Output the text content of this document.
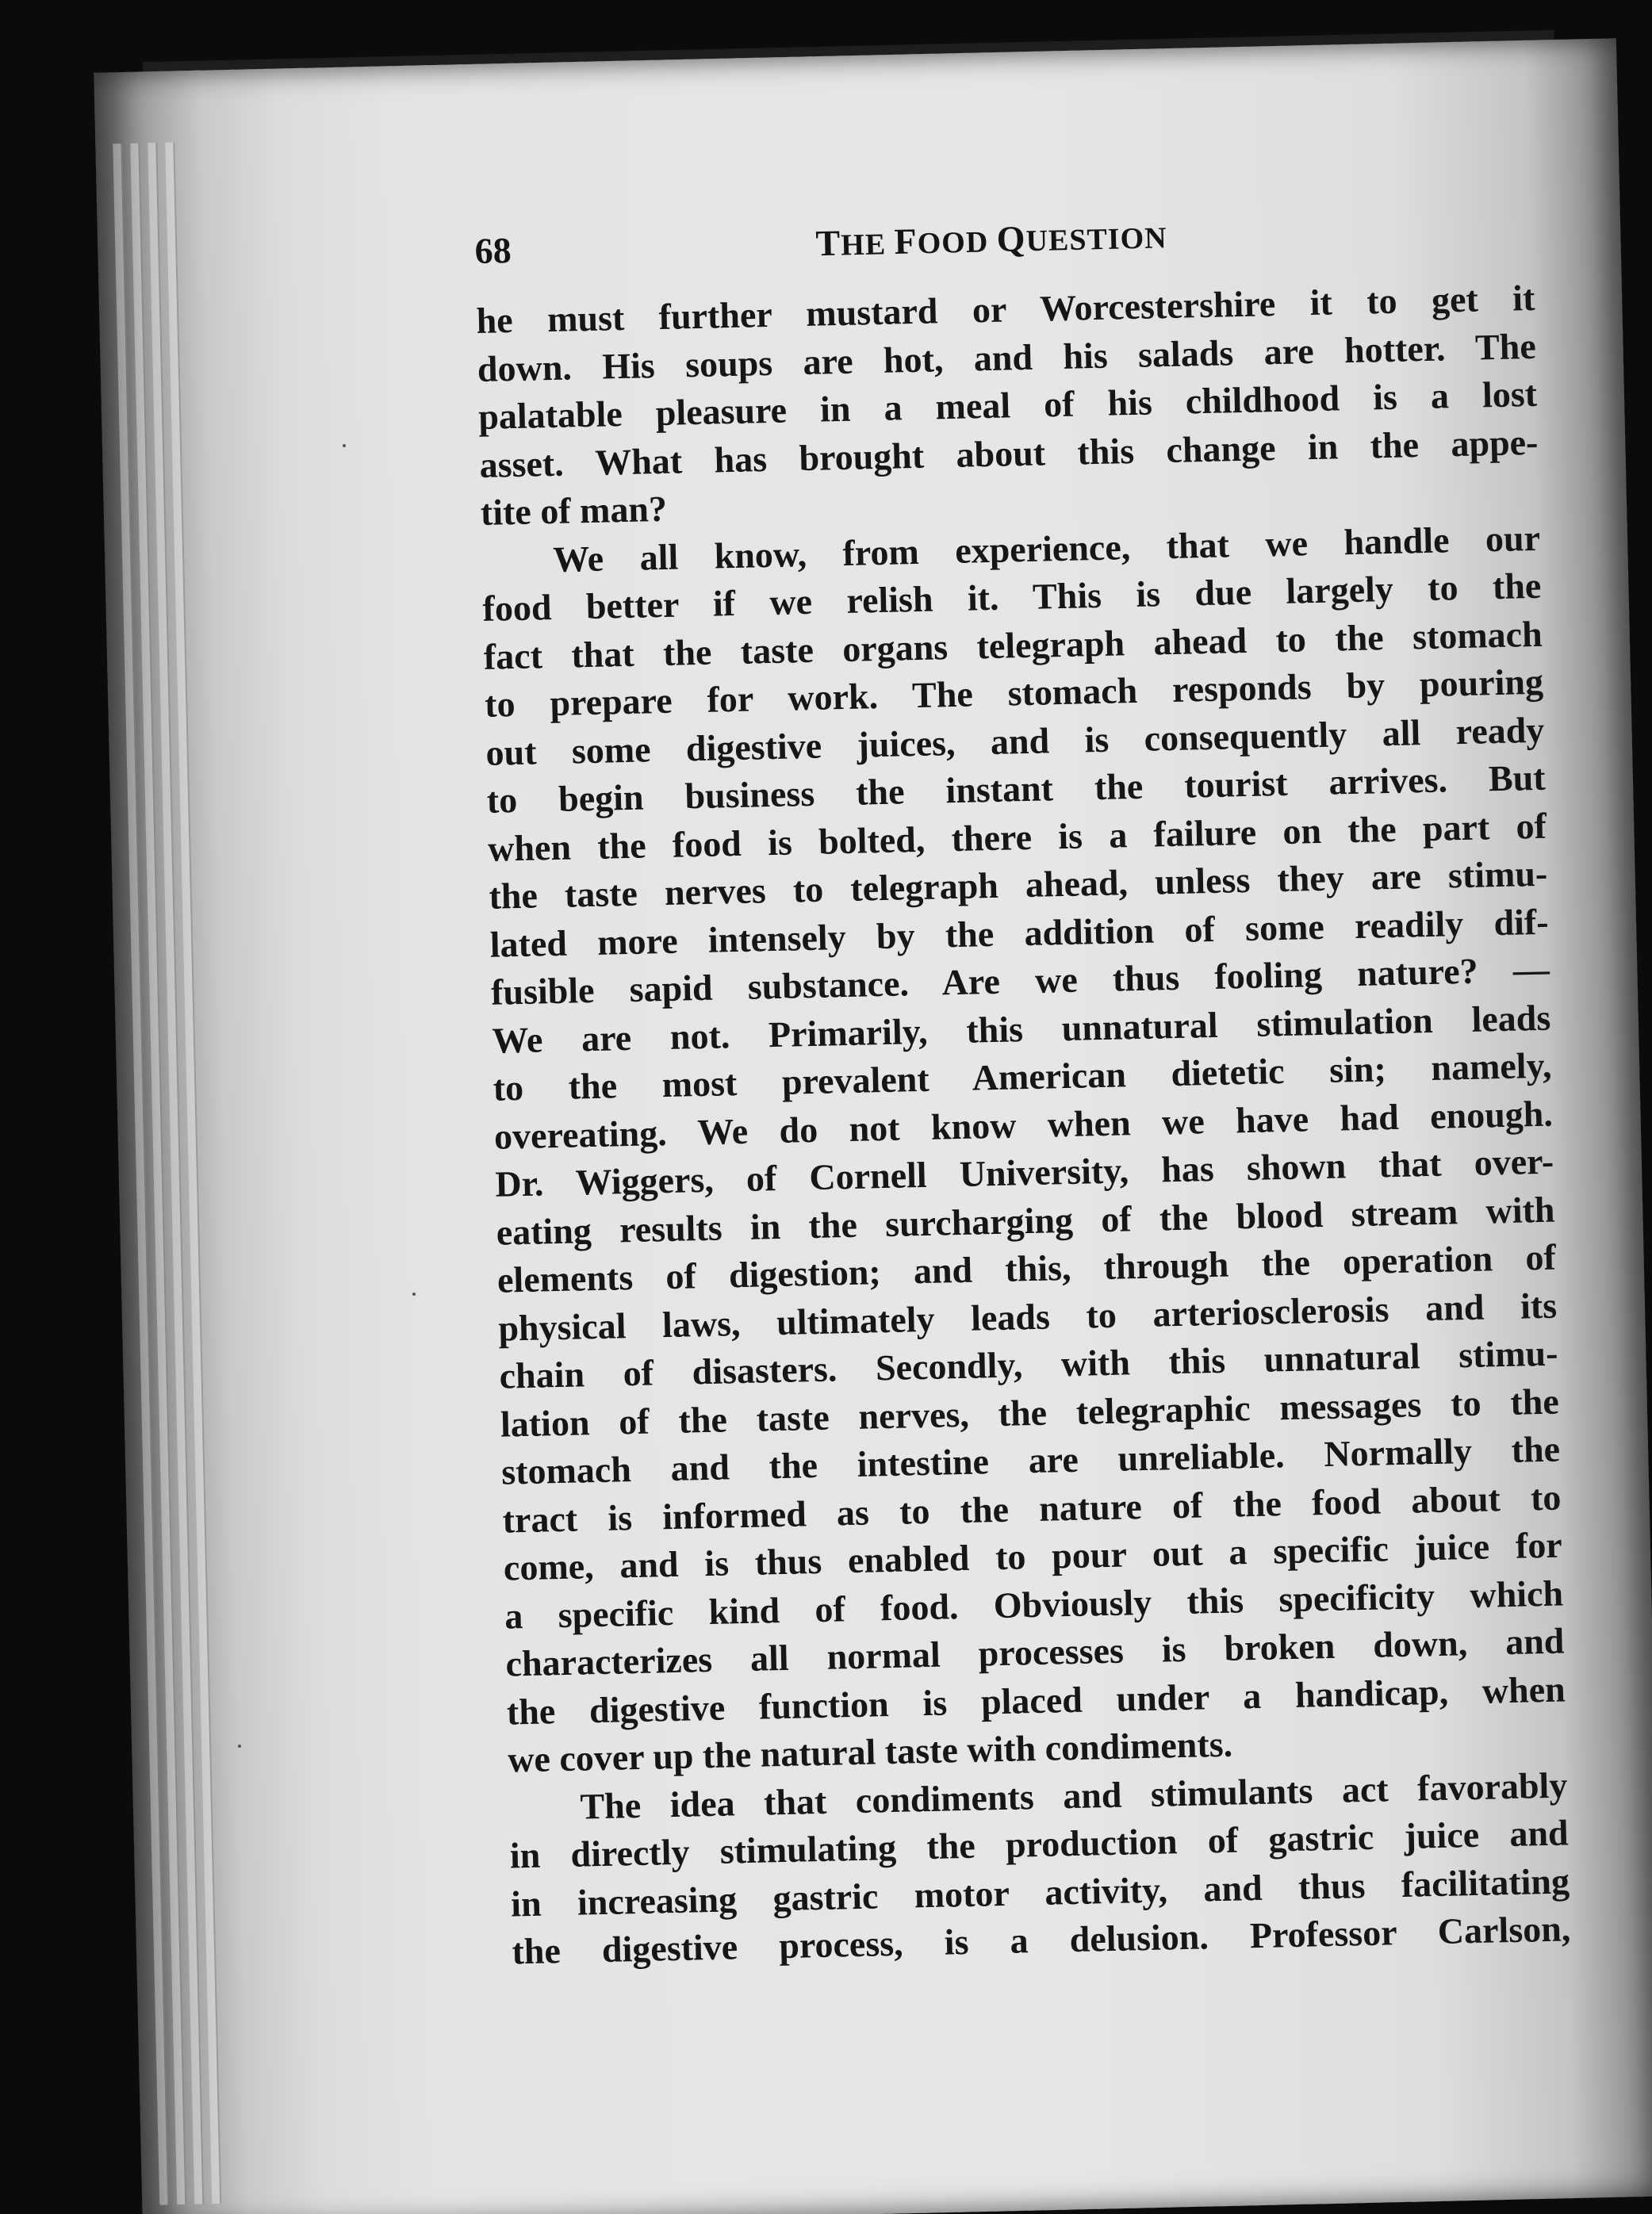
68	THE FOOD QUESTION
he must further mustard or Worcestershire it to get it
down. His soups are hot, and his salads are hotter. The
palatable pleasure in a meal of his childhood is a lost
asset. What has brought about this change in the appe-
tite of man?
We all know, from experience, that we handle our
food better if we relish it. This is due largely to the
fact that the taste organs telegraph ahead to the stomach
to prepare for work. The stomach responds by pouring
out some digestive juices, and is consequently all ready
to begin business the instant the tourist arrives. But
when the food is bolted, there is a failure on the part of
the taste nerves to telegraph ahead, unless they are stimu-
lated more intensely by the addition of some readily dif-
fusible sapid substance. Are we thus fooling nature? —
We are not. Primarily, this unnatural stimulation leads
to the most prevalent American dietetic sin; namely,
overeating. We do not know when we have had enough.
Dr. Wiggers, of Cornell University, has shown that over-
eating results in the surcharging of the blood stream with
elements of digestion; and this, through the operation of
physical laws, ultimately leads to arteriosclerosis and its
chain of disasters. Secondly, with this unnatural stimu-
lation of the taste nerves, the telegraphic messages to the
stomach and the intestine are unreliable. Normally the
tract is informed as to the nature of the food about to
come, and is thus enabled to pour out a specific juice for
a specific kind of food. Obviously this specificity which
characterizes all normal processes is broken down, and
the digestive function is placed under a handicap, when
we cover up the natural taste with condiments.
The idea that condiments and stimulants act favorably
in directly stimulating the production of gastric juice and
in increasing gastric motor activity, and thus facilitating
the digestive process, is a delusion. Professor Carlson,
